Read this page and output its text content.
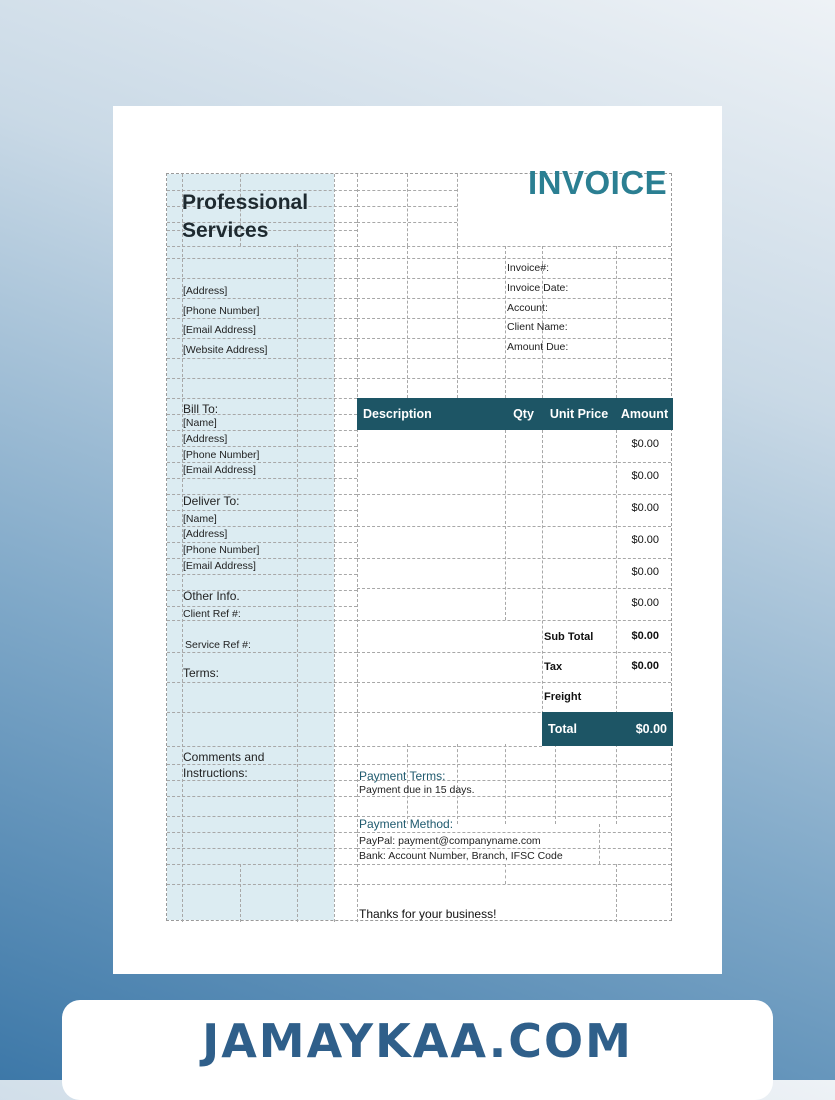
Professional
Services
INVOICE
[Address]
[Phone Number]
[Email Address]
[Website Address]
Invoice#:
Invoice Date:
Account:
Client Name:
Amount Due:
Bill To:
[Name]
[Address]
[Phone Number]
[Email Address]
Deliver To:
[Name]
[Address]
[Phone Number]
[Email Address]
Other Info.
Client Ref #:
Service Ref #:
Terms:
Comments and
Instructions:
Description	Qty	Unit Price	Amount
$0.00
$0.00
$0.00
$0.00
$0.00
$0.00
Sub Total	$0.00
Tax	$0.00
Freight
Total	$0.00
Payment Terms:
Payment due in 15 days.
Payment Method:
PayPal: payment@companyname.com
Bank: Account Number, Branch, IFSC Code
Thanks for your business!
JAMAYKAA.COM
